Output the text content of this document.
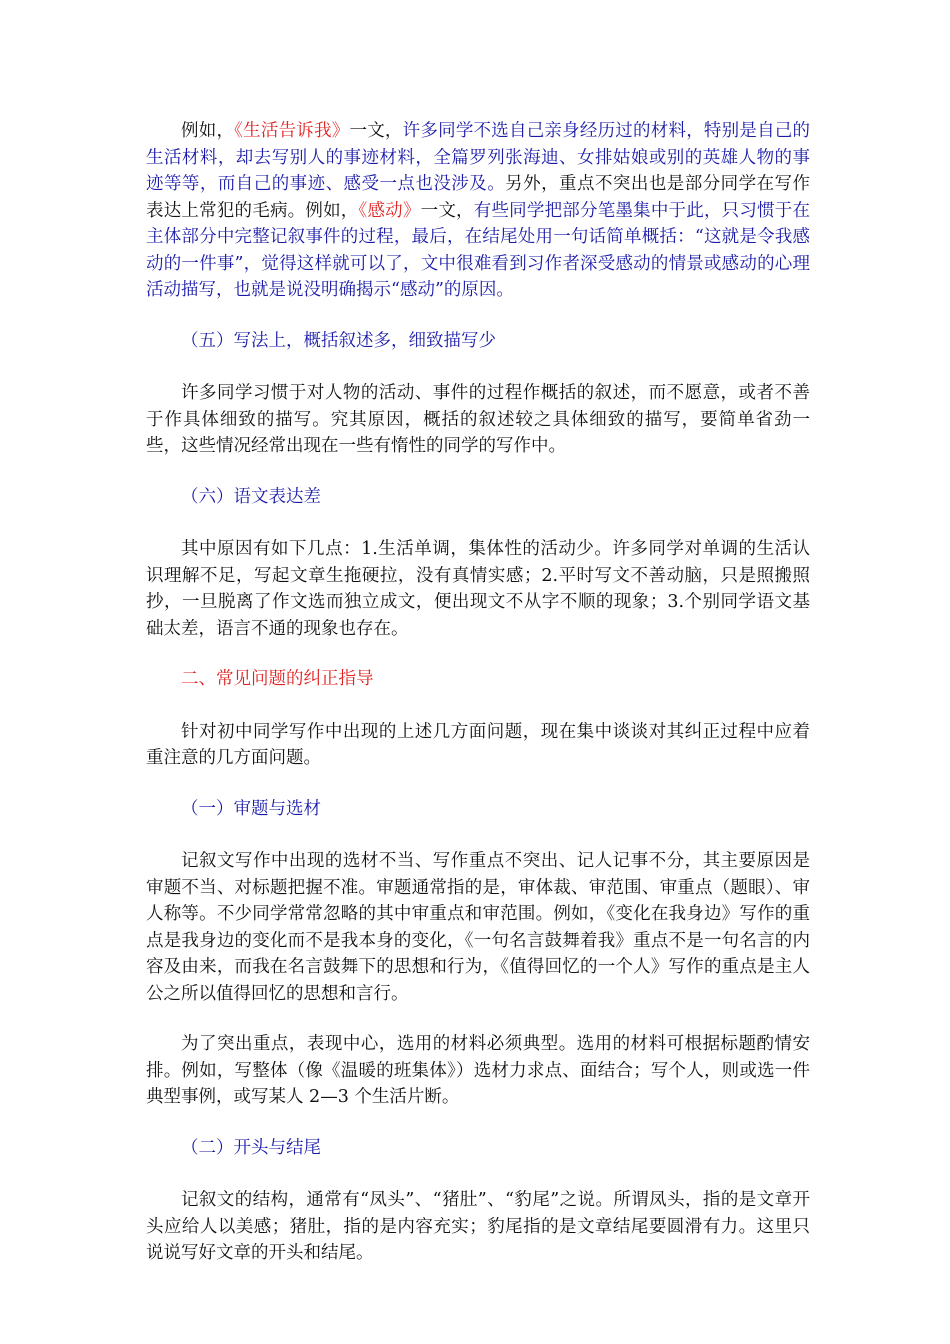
例如，《生活告诉我》一文，许多同学不选自己亲身经历过的材料，特别是自己的生活材料，却去写别人的事迹材料，全篇罗列张海迪、女排姑娘或别的英雄人物的事迹等等，而自己的事迹、感受一点也没涉及。另外，重点不突出也是部分同学在写作表达上常犯的毛病。例如，《感动》一文，有些同学把部分笔墨集中于此，只习惯于在主体部分中完整记叙事件的过程，最后，在结尾处用一句话简单概括：“这就是令我感动的一件事”，觉得这样就可以了，文中很难看到习作者深受感动的情景或感动的心理活动描写，也就是说没明确揭示“感动”的原因。

（五）写法上，概括叙述多，细致描写少

许多同学习惯于对人物的活动、事件的过程作概括的叙述，而不愿意，或者不善于作具体细致的描写。究其原因，概括的叙述较之具体细致的描写，要简单省劲一些，这些情况经常出现在一些有惰性的同学的写作中。

（六）语文表达差

其中原因有如下几点：1.生活单调，集体性的活动少。许多同学对单调的生活认识理解不足，写起文章生拖硬拉，没有真情实感；2.平时写文不善动脑，只是照搬照抄，一旦脱离了作文选而独立成文，便出现文不从字不顺的现象；3.个别同学语文基础太差，语言不通的现象也存在。

二、常见问题的纠正指导

针对初中同学写作中出现的上述几方面问题，现在集中谈谈对其纠正过程中应着重注意的几方面问题。

（一）审题与选材

记叙文写作中出现的选材不当、写作重点不突出、记人记事不分，其主要原因是审题不当、对标题把握不准。审题通常指的是，审体裁、审范围、审重点（题眼）、审人称等。不少同学常常忽略的其中审重点和审范围。例如，《变化在我身边》写作的重点是我身边的变化而不是我本身的变化，《一句名言鼓舞着我》重点不是一句名言的内容及由来，而我在名言鼓舞下的思想和行为，《值得回忆的一个人》写作的重点是主人公之所以值得回忆的思想和言行。

为了突出重点，表现中心，选用的材料必须典型。选用的材料可根据标题酌情安排。例如，写整体（像《温暖的班集体》）选材力求点、面结合；写个人，则或选一件典型事例，或写某人 2—3 个生活片断。

（二）开头与结尾

记叙文的结构，通常有“凤头”、“猪肚”、“豹尾”之说。所谓凤头，指的是文章开头应给人以美感；猪肚，指的是内容充实；豹尾指的是文章结尾要圆滑有力。这里只说说写好文章的开头和结尾。
